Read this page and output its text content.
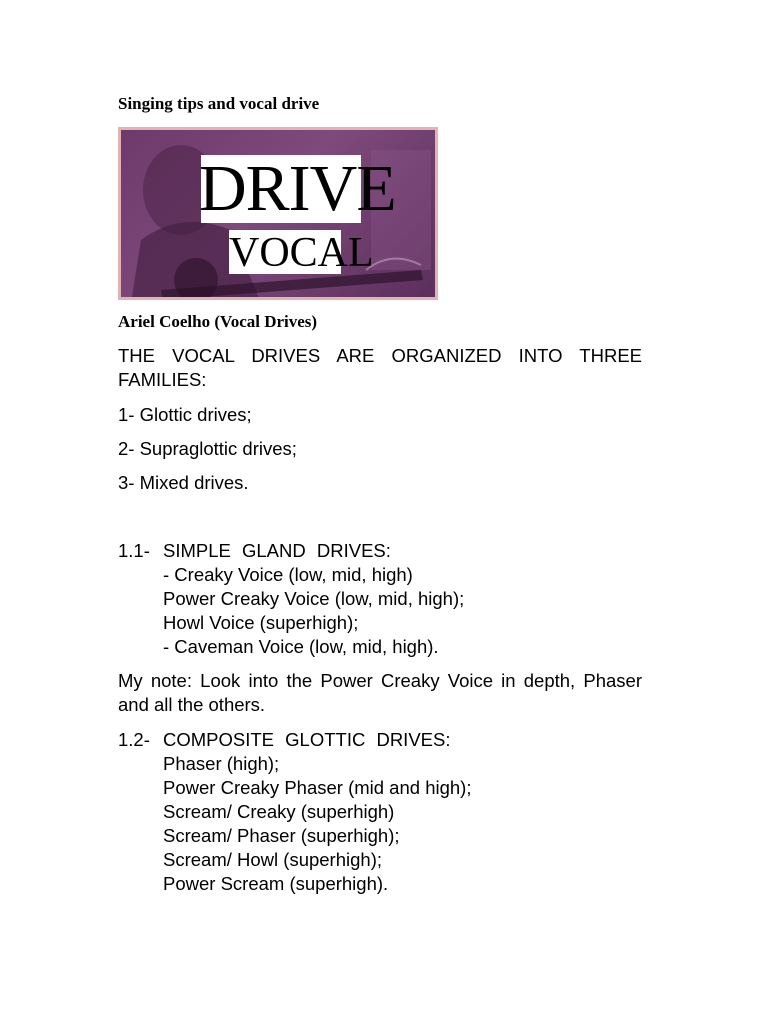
Singing tips and vocal drive
DRIVE
VOCAL
Ariel Coelho (Vocal Drives)
THE VOCAL DRIVES ARE ORGANIZED INTO THREE FAMILIES:
1- Glottic drives;
2- Supraglottic drives;
3- Mixed drives.
1.1- SIMPLE GLAND DRIVES:
- Creaky Voice (low, mid, high)
Power Creaky Voice (low, mid, high);
Howl Voice (superhigh);
- Caveman Voice (low, mid, high).
My note: Look into the Power Creaky Voice in depth, Phaser and all the others.
1.2- COMPOSITE GLOTTIC DRIVES:
Phaser (high);
Power Creaky Phaser (mid and high);
Scream/ Creaky (superhigh)
Scream/ Phaser (superhigh);
Scream/ Howl (superhigh);
Power Scream (superhigh).
